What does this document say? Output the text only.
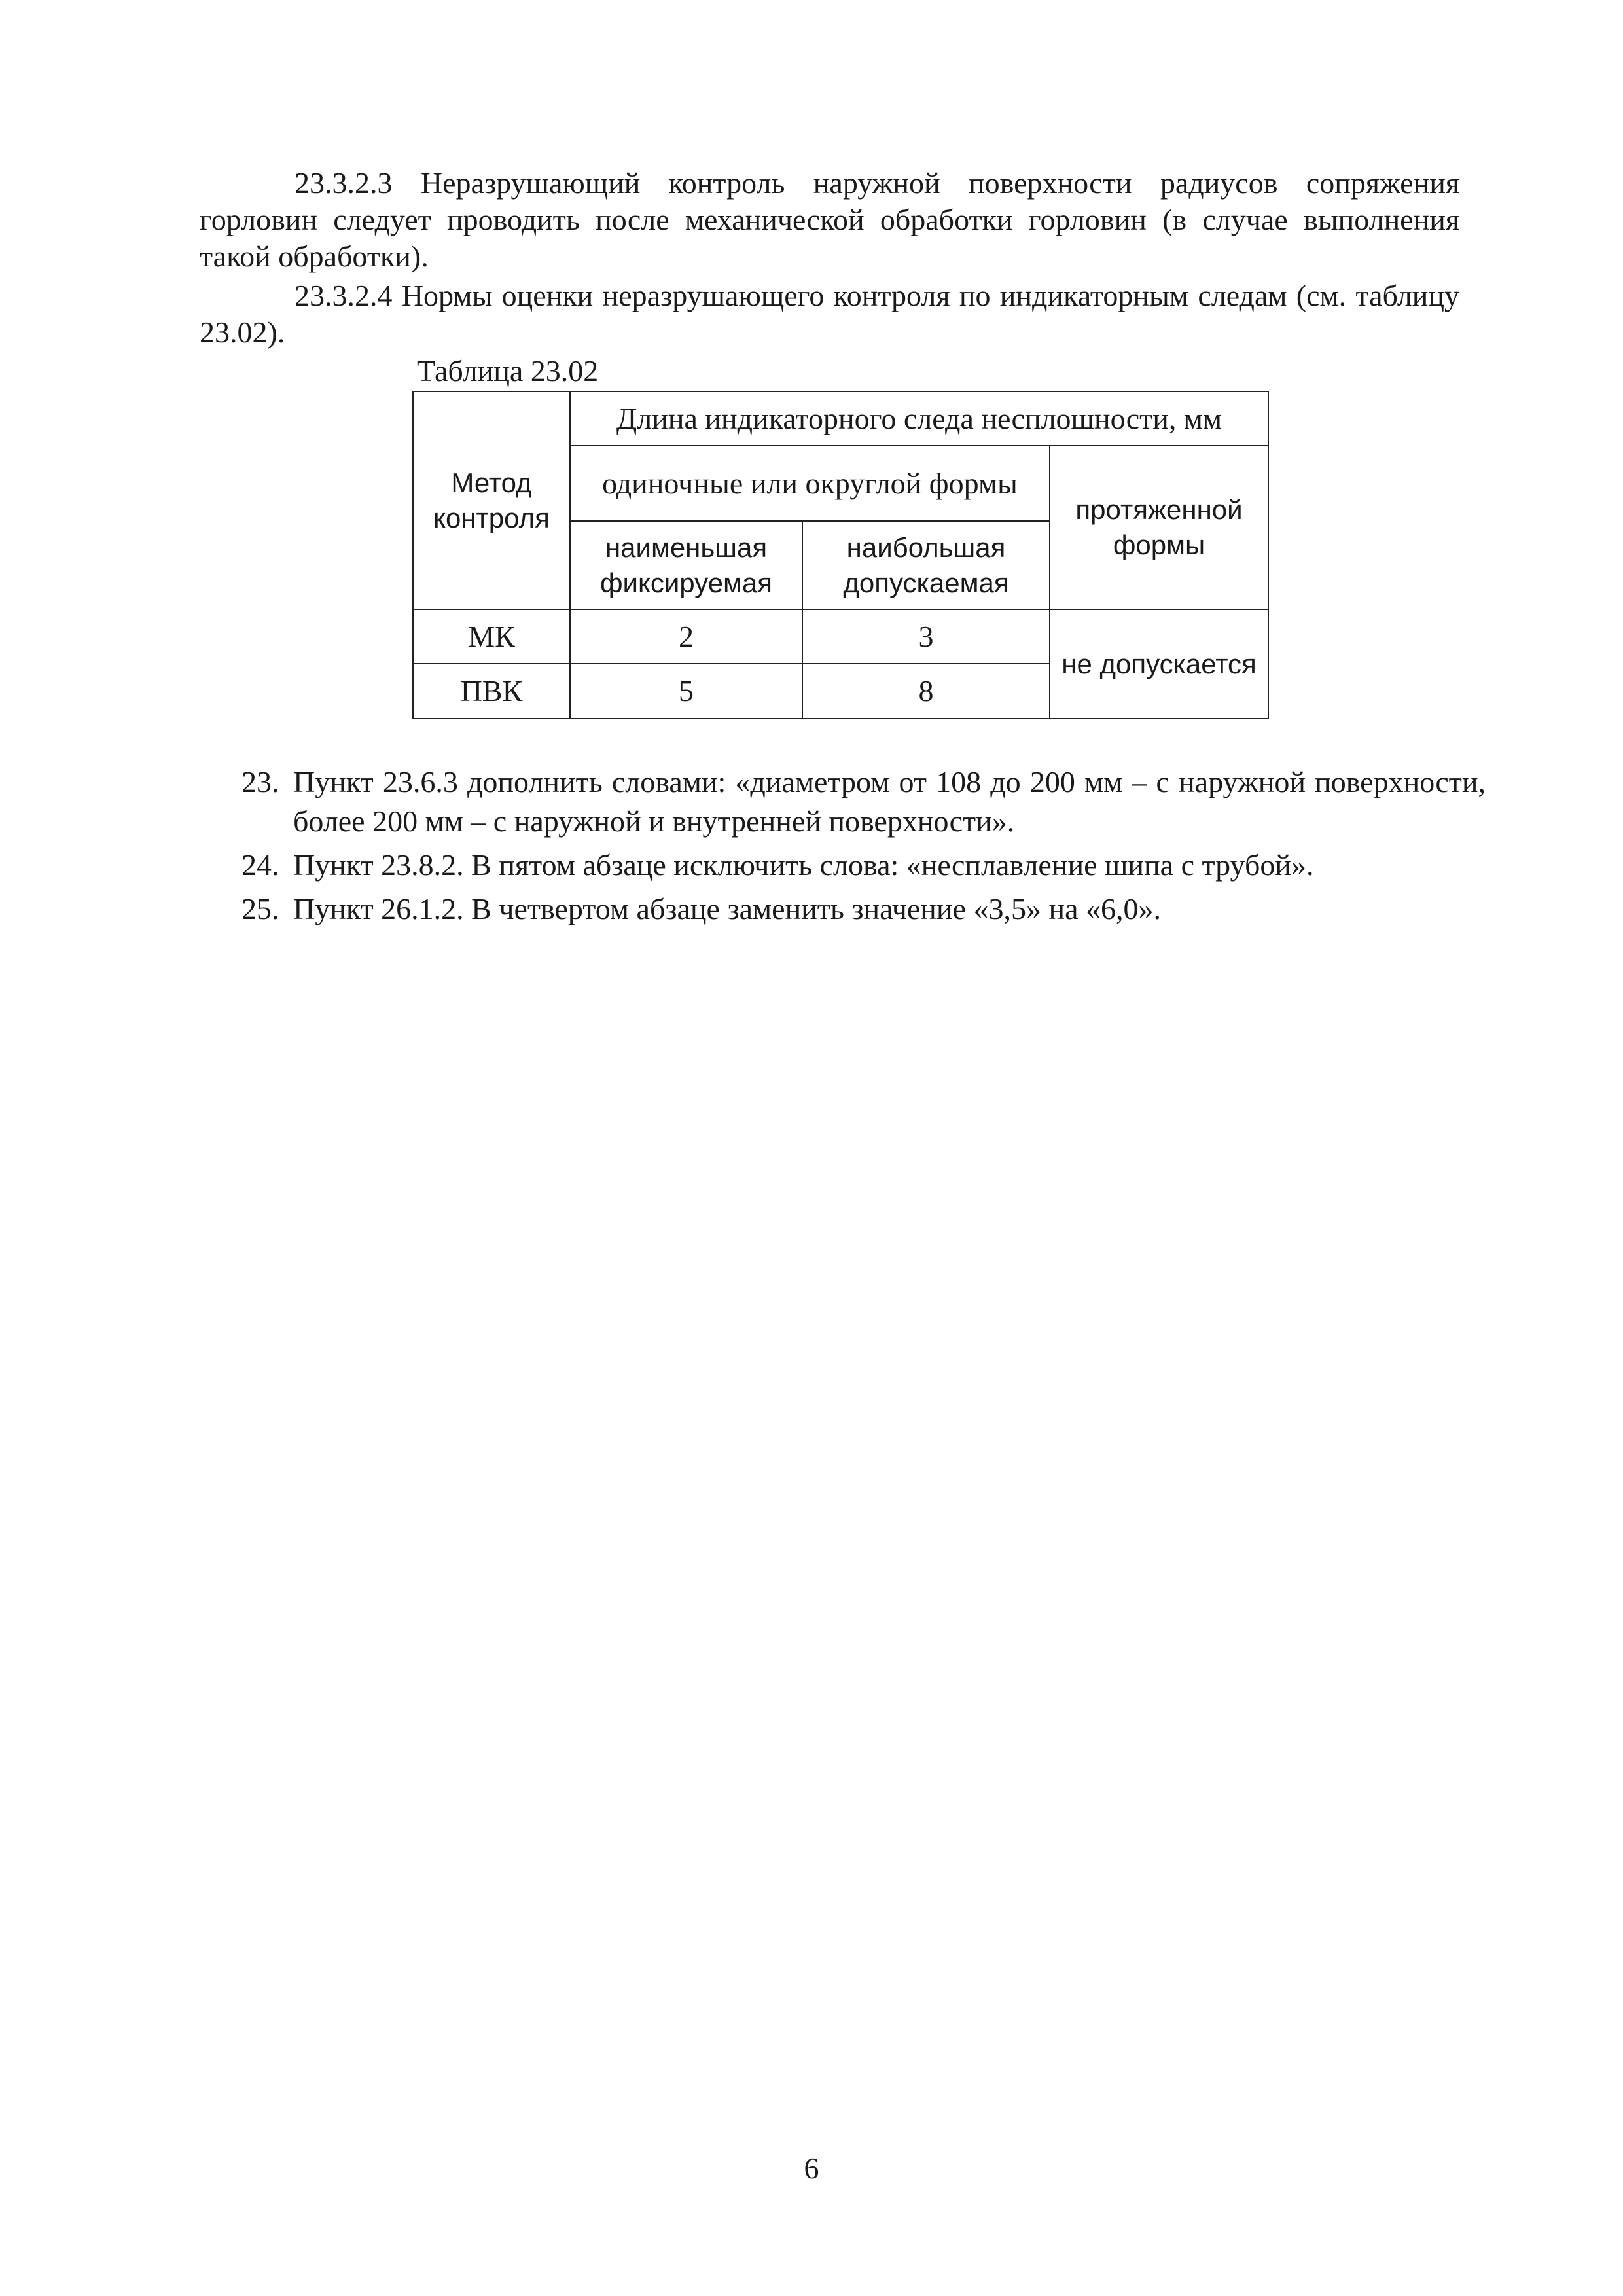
23.3.2.3 Неразрушающий контроль наружной поверхности радиусов сопряжения горловин следует проводить после механической обработки горловин (в случае выполнения такой обработки).

23.3.2.4 Нормы оценки неразрушающего контроля по индикаторным следам (см. таблицу 23.02).

Таблица 23.02

Метод контроля	Длина индикаторного следа несплошности, мм		
	одиночные или округлой формы		протяженной формы
	наименьшая фиксируемая	наибольшая допускаемая	
МК	2	3	не допускается
ПВК	5	8	
23. Пункт 23.6.3 дополнить словами: «диаметром от 108 до 200 мм – с наружной поверхности, более 200 мм – с наружной и внутренней поверхности».
24. Пункт 23.8.2. В пятом абзаце исключить слова: «несплавление шипа с трубой».
25. Пункт 26.1.2. В четвертом абзаце заменить значение «3,5» на «6,0».
6
